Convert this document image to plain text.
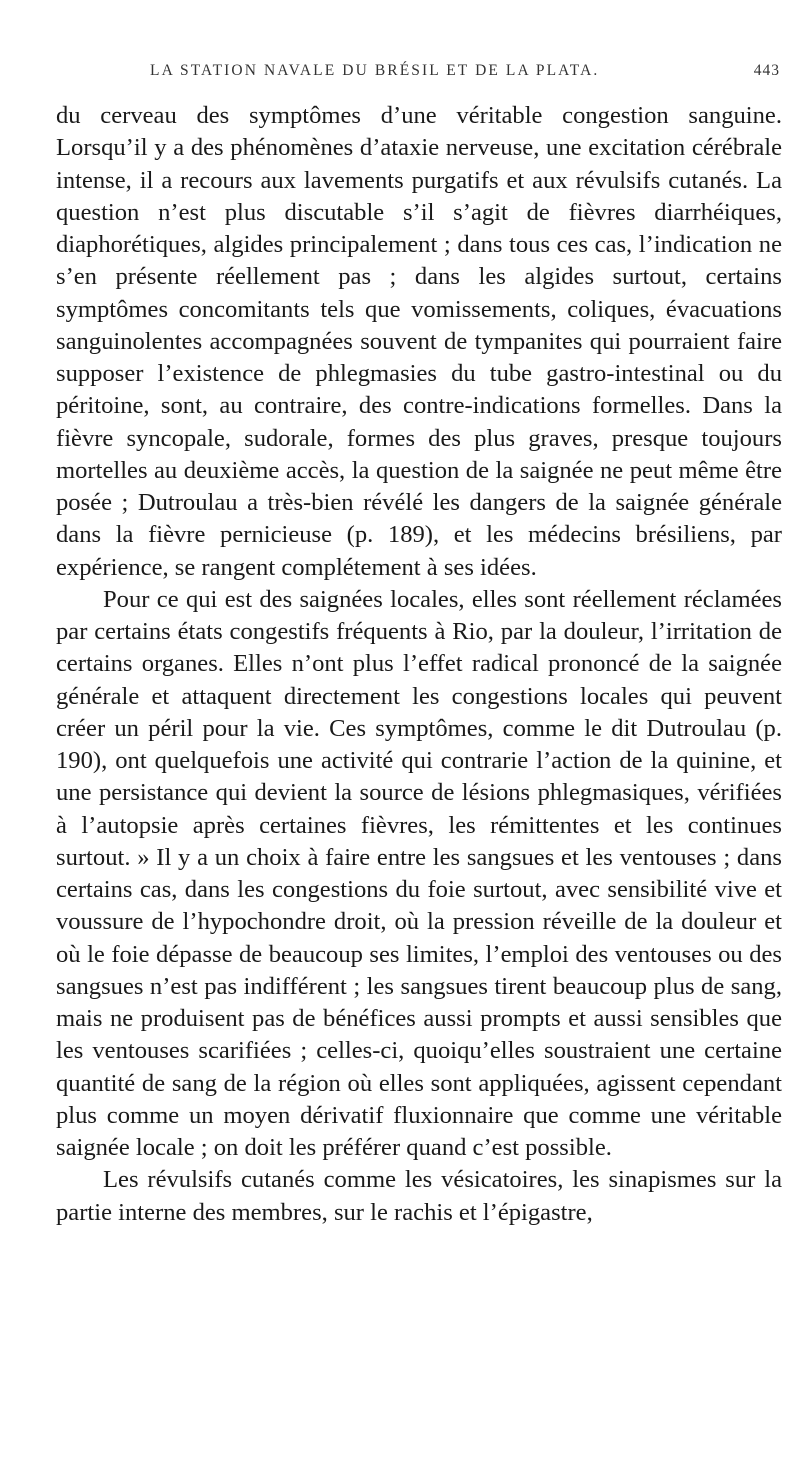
LA STATION NAVALE DU BRÉSIL ET DE LA PLATA.	443

du cerveau des symptômes d’une véritable congestion sanguine. Lorsqu’il y a des phénomènes d’ataxie nerveuse, une excitation cérébrale intense, il a recours aux lavements purgatifs et aux révulsifs cutanés. La question n’est plus discutable s’il s’agit de fièvres diarrhéiques, diaphorétiques, algides principalement ; dans tous ces cas, l’indication ne s’en présente réellement pas ; dans les algides surtout, certains symptômes concomitants tels que vomissements, coliques, évacuations sanguinolentes accompagnées souvent de tympanites qui pourraient faire supposer l’existence de phlegmasies du tube gastro-intestinal ou du péritoine, sont, au contraire, des contre-indications formelles. Dans la fièvre syncopale, sudorale, formes des plus graves, presque toujours mortelles au deuxième accès, la question de la saignée ne peut même être posée ; Dutroulau a très-bien révélé les dangers de la saignée générale dans la fièvre pernicieuse (p. 189), et les médecins brésiliens, par expérience, se rangent complétement à ses idées.

Pour ce qui est des saignées locales, elles sont réellement réclamées par certains états congestifs fréquents à Rio, par la douleur, l’irritation de certains organes. Elles n’ont plus l’effet radical prononcé de la saignée générale et attaquent directement les congestions locales qui peuvent créer un péril pour la vie. Ces symptômes, comme le dit Dutroulau (p. 190), ont quelquefois une activité qui contrarie l’action de la quinine, et une persistance qui devient la source de lésions phlegmasiques, vérifiées à l’autopsie après certaines fièvres, les rémittentes et les continues surtout. » Il y a un choix à faire entre les sangsues et les ventouses ; dans certains cas, dans les congestions du foie surtout, avec sensibilité vive et voussure de l’hypochondre droit, où la pression réveille de la douleur et où le foie dépasse de beaucoup ses limites, l’emploi des ventouses ou des sangsues n’est pas indifférent ; les sangsues tirent beaucoup plus de sang, mais ne produisent pas de bénéfices aussi prompts et aussi sensibles que les ventouses scarifiées ; celles-ci, quoiqu’elles soustraient une certaine quantité de sang de la région où elles sont appliquées, agissent cependant plus comme un moyen dérivatif fluxionnaire que comme une véritable saignée locale ; on doit les préférer quand c’est possible.

Les révulsifs cutanés comme les vésicatoires, les sinapismes sur la partie interne des membres, sur le rachis et l’épigastre,
